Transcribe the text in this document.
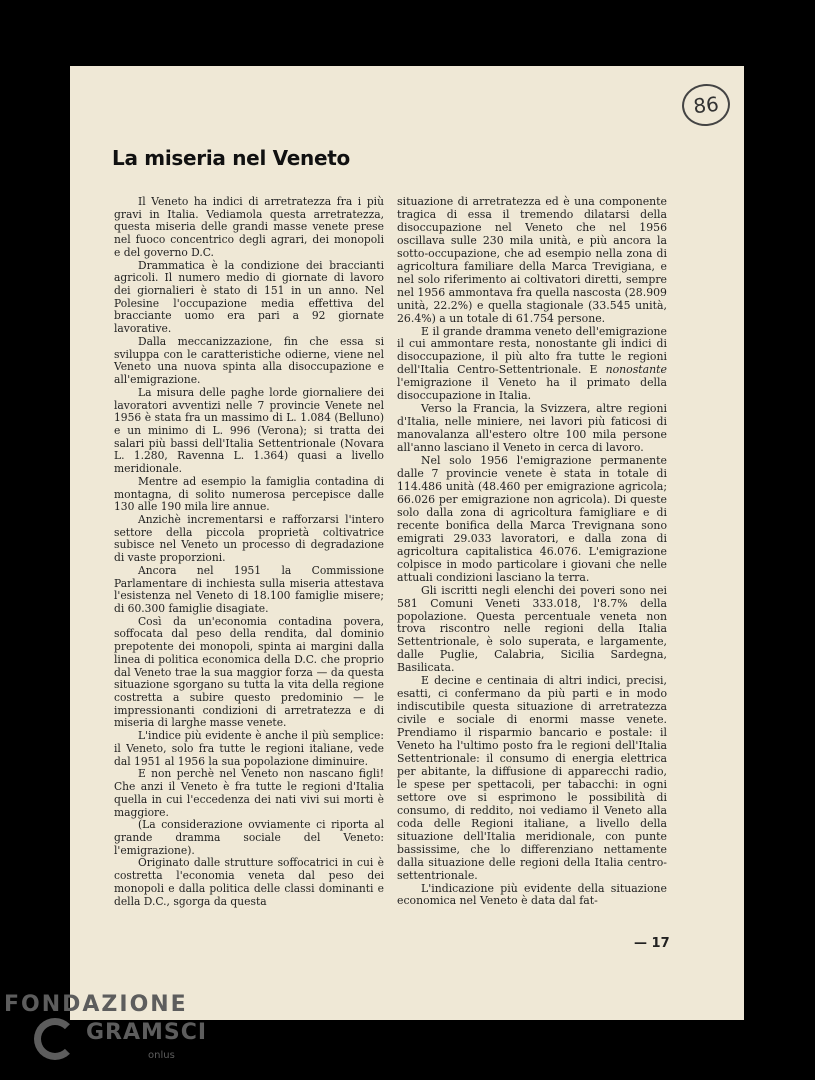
86
La miseria nel Veneto

Il Veneto ha indici di arretratezza fra i più gravi in Italia. Vediamola questa arretratezza, questa miseria delle grandi masse venete prese nel fuoco concentrico degli agrari, dei monopoli e del governo D.C.

Drammatica è la condizione dei braccianti agricoli. Il numero medio di giornate di lavoro dei giornalieri è stato di 151 in un anno. Nel Polesine l'occupazione media effettiva del bracciante uomo era pari a 92 giornate lavorative.

Dalla meccanizzazione, fin che essa si sviluppa con le caratteristiche odierne, viene nel Veneto una nuova spinta alla disoccupazione e all'emigrazione.

La misura delle paghe lorde giornaliere dei lavoratori avventizi nelle 7 provincie Venete nel 1956 è stata fra un massimo di L. 1.084 (Belluno) e un minimo di L. 996 (Verona); si tratta dei salari più bassi dell'Italia Settentrionale (Novara L. 1.280, Ravenna L. 1.364) quasi a livello meridionale.

Mentre ad esempio la famiglia contadina di montagna, di solito numerosa percepisce dalle 130 alle 190 mila lire annue.

Anzichè incrementarsi e rafforzarsi l'intero settore della piccola proprietà coltivatrice subisce nel Veneto un processo di degradazione di vaste proporzioni.

Ancora nel 1951 la Commissione Parlamentare di inchiesta sulla miseria attestava l'esistenza nel Veneto di 18.100 famiglie misere; di 60.300 famiglie disagiate.

Così da un'economia contadina povera, soffocata dal peso della rendita, dal dominio prepotente dei monopoli, spinta ai margini dalla linea di politica economica della D.C. che proprio dal Veneto trae la sua maggior forza — da questa situazione sgorgano su tutta la vita della regione costretta a subire questo predominio — le impressionanti condizioni di arretratezza e di miseria di larghe masse venete.

L'indice più evidente è anche il più semplice: il Veneto, solo fra tutte le regioni italiane, vede dal 1951 al 1956 la sua popolazione diminuire.

E non perchè nel Veneto non nascano figli! Che anzi il Veneto è fra tutte le regioni d'Italia quella in cui l'eccedenza dei nati vivi sui morti è maggiore.

(La considerazione ovviamente ci riporta al grande dramma sociale del Veneto: l'emigrazione).

Originato dalle strutture soffocatrici in cui è costretta l'economia veneta dal peso dei monopoli e dalla politica delle classi dominanti e della D.C., sgorga da questa

situazione di arretratezza ed è una componente tragica di essa il tremendo dilatarsi della disoccupazione nel Veneto che nel 1956 oscillava sulle 230 mila unità, e più ancora la sotto-occupazione, che ad esempio nella zona di agricoltura familiare della Marca Trevigiana, e nel solo riferimento ai coltivatori diretti, sempre nel 1956 ammontava fra quella nascosta (28.909 unità, 22.2%) e quella stagionale (33.545 unità, 26.4%) a un totale di 61.754 persone.

E il grande dramma veneto dell'emigrazione il cui ammontare resta, nonostante gli indici di disoccupazione, il più alto fra tutte le regioni dell'Italia Centro-Settentrionale. E nonostante l'emigrazione il Veneto ha il primato della disoccupazione in Italia.

Verso la Francia, la Svizzera, altre regioni d'Italia, nelle miniere, nei lavori più faticosi di manovalanza all'estero oltre 100 mila persone all'anno lasciano il Veneto in cerca di lavoro.

Nel solo 1956 l'emigrazione permanente dalle 7 provincie venete è stata in totale di 114.486 unità (48.460 per emigrazione agricola; 66.026 per emigrazione non agricola). Di queste solo dalla zona di agricoltura famigliare e di recente bonifica della Marca Trevignana sono emigrati 29.033 lavoratori, e dalla zona di agricoltura capitalistica 46.076. L'emigrazione colpisce in modo particolare i giovani che nelle attuali condizioni lasciano la terra.

Gli iscritti negli elenchi dei poveri sono nei 581 Comuni Veneti 333.018, l'8.7% della popolazione. Questa percentuale veneta non trova riscontro nelle regioni della Italia Settentrionale, è solo superata, e largamente, dalle Puglie, Calabria, Sicilia Sardegna, Basilicata.

E decine e centinaia di altri indici, precisi, esatti, ci confermano da più parti e in modo indiscutibile questa situazione di arretratezza civile e sociale di enormi masse venete. Prendiamo il risparmio bancario e postale: il Veneto ha l'ultimo posto fra le regioni dell'Italia Settentrionale: il consumo di energia elettrica per abitante, la diffusione di apparecchi radio, le spese per spettacoli, per tabacchi: in ogni settore ove si esprimono le possibilità di consumo, di reddito, noi vediamo il Veneto alla coda delle Regioni italiane, a livello della situazione dell'Italia meridionale, con punte bassissime, che lo differenziano nettamente dalla situazione delle regioni della Italia centro-settentrionale.

L'indicazione più evidente della situazione economica nel Veneto è data dal fat-

— 17
FONDAZIONE
GRAMSCI
onlus
